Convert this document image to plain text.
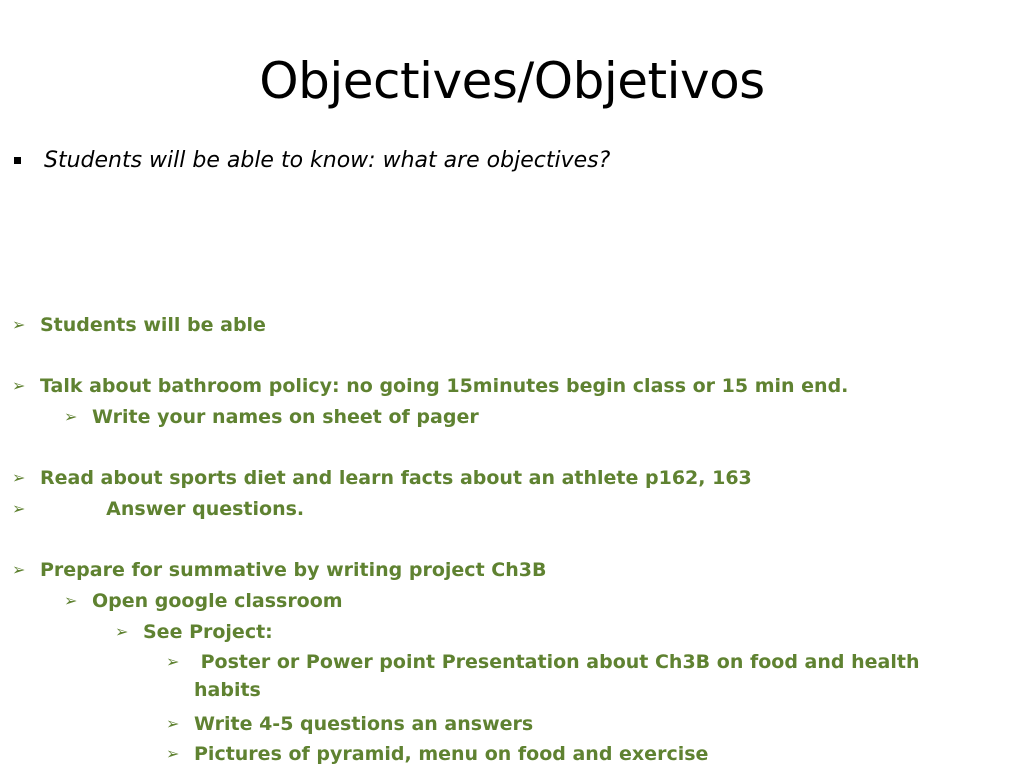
Objectives/Objetivos
Students will be able to know: what are objectives?
➢ Students will be able
➢ Talk about bathroom policy: no going 15minutes begin class or 15 min end.
➢ Write your names on sheet of pager
➢ Read about sports diet and learn facts about an athlete p162, 163
➢ Answer questions.
➢ Prepare for summative by writing project Ch3B
➢ Open google classroom
➢ See Project:
➢ Poster or Power point Presentation about Ch3B on food and health habits
➢ Write 4-5 questions an answers
➢ Pictures of pyramid, menu on food and exercise
